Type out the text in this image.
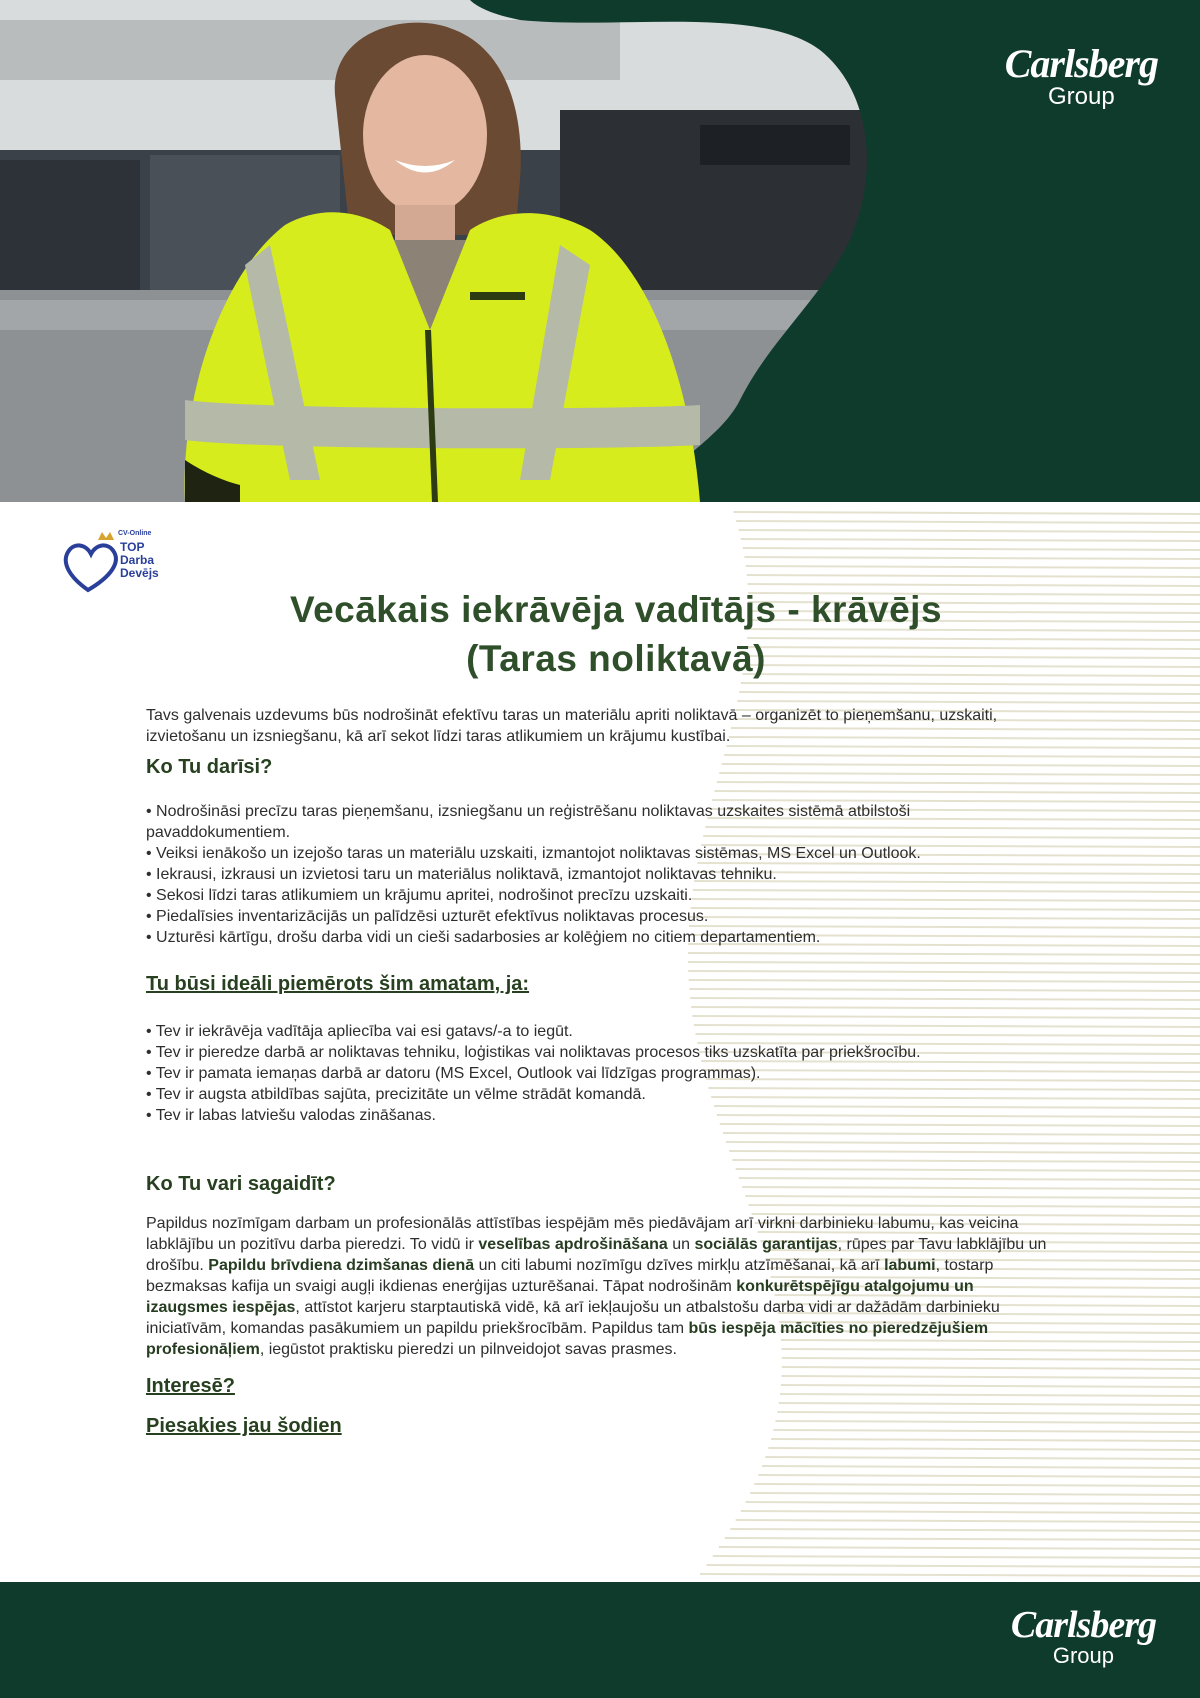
Carlsberg
Group
CV-Online
TOP
Darba
Devējs
Vecākais iekrāvēja vadītājs - krāvējs
(Taras noliktavā)

Tavs galvenais uzdevums būs nodrošināt efektīvu taras un materiālu apriti noliktavā – organizēt to pieņemšanu, uzskaiti, izvietošanu un izsniegšanu, kā arī sekot līdzi taras atlikumiem un krājumu kustībai.

Ko Tu darīsi?

• Nodrošināsi precīzu taras pieņemšanu, izsniegšanu un reģistrēšanu noliktavas uzskaites sistēmā atbilstoši pavaddokumentiem.
• Veiksi ienākošo un izejošo taras un materiālu uzskaiti, izmantojot noliktavas sistēmas, MS Excel un Outlook.
• Iekrausi, izkrausi un izvietosi taru un materiālus noliktavā, izmantojot noliktavas tehniku.
• Sekosi līdzi taras atlikumiem un krājumu apritei, nodrošinot precīzu uzskaiti.
• Piedalīsies inventarizācijās un palīdzēsi uzturēt efektīvus noliktavas procesus.
• Uzturēsi kārtīgu, drošu darba vidi un cieši sadarbosies ar kolēģiem no citiem departamentiem.

Tu būsi ideāli piemērots šim amatam, ja:

• Tev ir iekrāvēja vadītāja apliecība vai esi gatavs/-a to iegūt.
• Tev ir pieredze darbā ar noliktavas tehniku, loģistikas vai noliktavas procesos tiks uzskatīta par priekšrocību.
• Tev ir pamata iemaņas darbā ar datoru (MS Excel, Outlook vai līdzīgas programmas).
• Tev ir augsta atbildības sajūta, precizitāte un vēlme strādāt komandā.
• Tev ir labas latviešu valodas zināšanas.

Ko Tu vari sagaidīt?

Papildus nozīmīgam darbam un profesionālās attīstības iespējām mēs piedāvājam arī virkni darbinieku labumu, kas veicina labklājību un pozitīvu darba pieredzi. To vidū ir veselības apdrošināšana un sociālās garantijas, rūpes par Tavu labklājību un drošību. Papildu brīvdiena dzimšanas dienā un citi labumi nozīmīgu dzīves mirkļu atzīmēšanai, kā arī labumi, tostarp bezmaksas kafija un svaigi augļi ikdienas enerģijas uzturēšanai. Tāpat nodrošinām konkurētspējīgu atalgojumu un izaugsmes iespējas, attīstot karjeru starptautiskā vidē, kā arī iekļaujošu un atbalstošu darba vidi ar dažādām darbinieku iniciatīvām, komandas pasākumiem un papildu priekšrocībām. Papildus tam būs iespēja mācīties no pieredzējušiem profesionāļiem, iegūstot praktisku pieredzi un pilnveidojot savas prasmes.

Interesē?

Piesakies jau šodien

Carlsberg
Group
